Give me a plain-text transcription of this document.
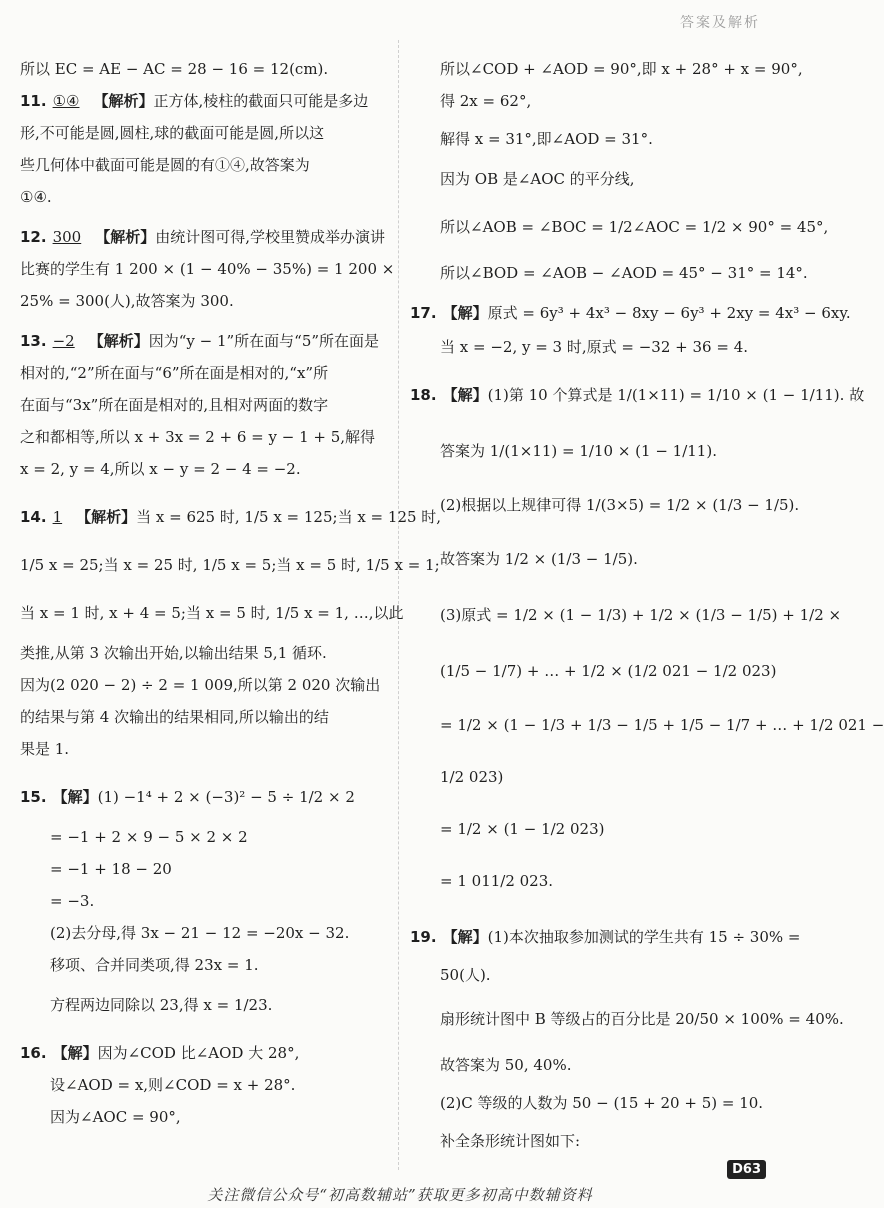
答案及解析
所以 EC = AE − AC = 28 − 16 = 12(cm).
11. ①④ 【解析】正方体,棱柱的截面只可能是多边
形,不可能是圆,圆柱,球的截面可能是圆,所以这
些几何体中截面可能是圆的有①④,故答案为
①④.
12. 300 【解析】由统计图可得,学校里赞成举办演讲
比赛的学生有 1 200 × (1 − 40% − 35%) = 1 200 ×
25% = 300(人),故答案为 300.
13. −2 【解析】因为“y − 1”所在面与“5”所在面是
相对的,“2”所在面与“6”所在面是相对的,“x”所
在面与“3x”所在面是相对的,且相对两面的数字
之和都相等,所以 x + 3x = 2 + 6 = y − 1 + 5,解得
x = 2, y = 4,所以 x − y = 2 − 4 = −2.
14. 1 【解析】当 x = 625 时, 1/5 x = 125;当 x = 125 时,
1/5 x = 25;当 x = 25 时, 1/5 x = 5;当 x = 5 时, 1/5 x = 1;
当 x = 1 时, x + 4 = 5;当 x = 5 时, 1/5 x = 1, …,以此
类推,从第 3 次输出开始,以输出结果 5,1 循环.
因为(2 020 − 2) ÷ 2 = 1 009,所以第 2 020 次输出
的结果与第 4 次输出的结果相同,所以输出的结
果是 1.
15. 【解】(1) −1⁴ + 2 × (−3)² − 5 ÷ 1/2 × 2
= −1 + 2 × 9 − 5 × 2 × 2
= −1 + 18 − 20
= −3.
(2)去分母,得 3x − 21 − 12 = −20x − 32.
移项、合并同类项,得 23x = 1.
方程两边同除以 23,得 x = 1/23.
16. 【解】因为∠COD 比∠AOD 大 28°,
设∠AOD = x,则∠COD = x + 28°.
因为∠AOC = 90°,
所以∠COD + ∠AOD = 90°,即 x + 28° + x = 90°,
得 2x = 62°,
解得 x = 31°,即∠AOD = 31°.
因为 OB 是∠AOC 的平分线,
所以∠AOB = ∠BOC = 1/2∠AOC = 1/2 × 90° = 45°,
所以∠BOD = ∠AOB − ∠AOD = 45° − 31° = 14°.
17. 【解】原式 = 6y³ + 4x³ − 8xy − 6y³ + 2xy = 4x³ − 6xy.
当 x = −2, y = 3 时,原式 = −32 + 36 = 4.
18. 【解】(1)第 10 个算式是 1/(1×11) = 1/10 × (1 − 1/11). 故
答案为 1/(1×11) = 1/10 × (1 − 1/11).
(2)根据以上规律可得 1/(3×5) = 1/2 × (1/3 − 1/5).
故答案为 1/2 × (1/3 − 1/5).
(3)原式 = 1/2 × (1 − 1/3) + 1/2 × (1/3 − 1/5) + 1/2 ×
(1/5 − 1/7) + … + 1/2 × (1/2 021 − 1/2 023)
= 1/2 × (1 − 1/3 + 1/3 − 1/5 + 1/5 − 1/7 + … + 1/2 021 −
1/2 023)
= 1/2 × (1 − 1/2 023)
= 1 011/2 023.
19. 【解】(1)本次抽取参加测试的学生共有 15 ÷ 30% =
50(人).
扇形统计图中 B 等级占的百分比是 20/50 × 100% = 40%.
故答案为 50, 40%.
(2)C 等级的人数为 50 − (15 + 20 + 5) = 10.
补全条形统计图如下:
D63
关注微信公众号“初高数辅站”获取更多初高中数辅资料
